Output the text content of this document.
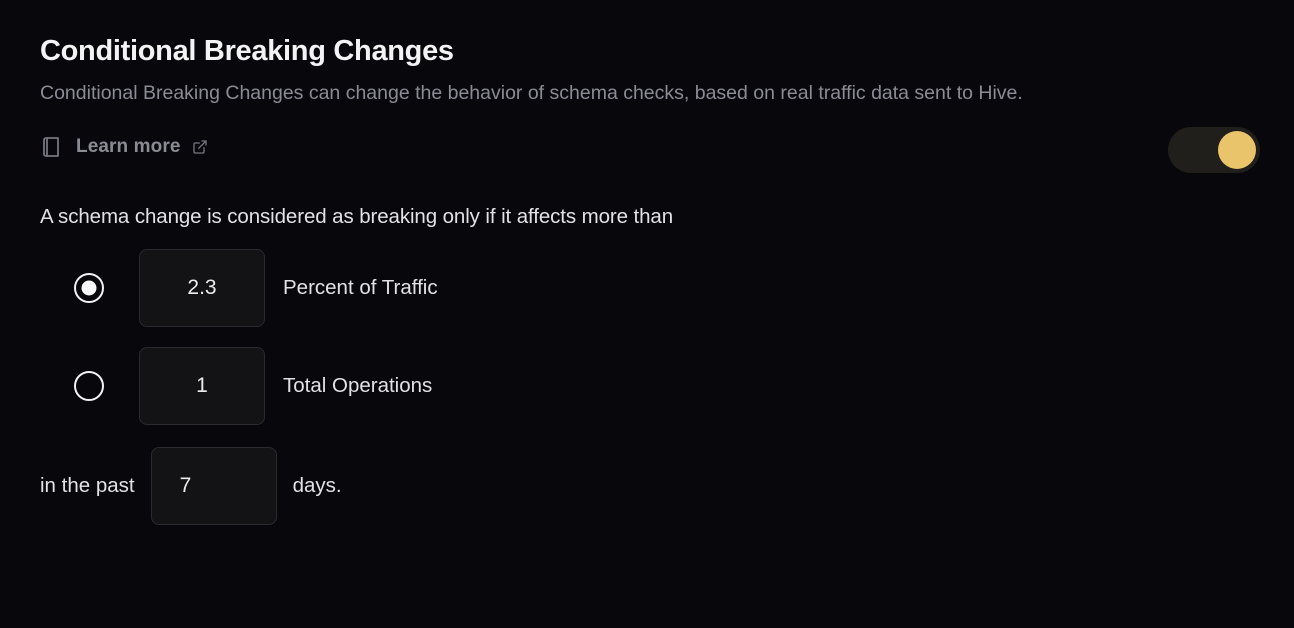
Conditional Breaking Changes

Conditional Breaking Changes can change the behavior of schema checks, based on real traffic data sent to Hive.

Learn more
A schema change is considered as breaking only if it affects more than
2.3
Percent of Traffic
1
Total Operations
in the past
7	days.
